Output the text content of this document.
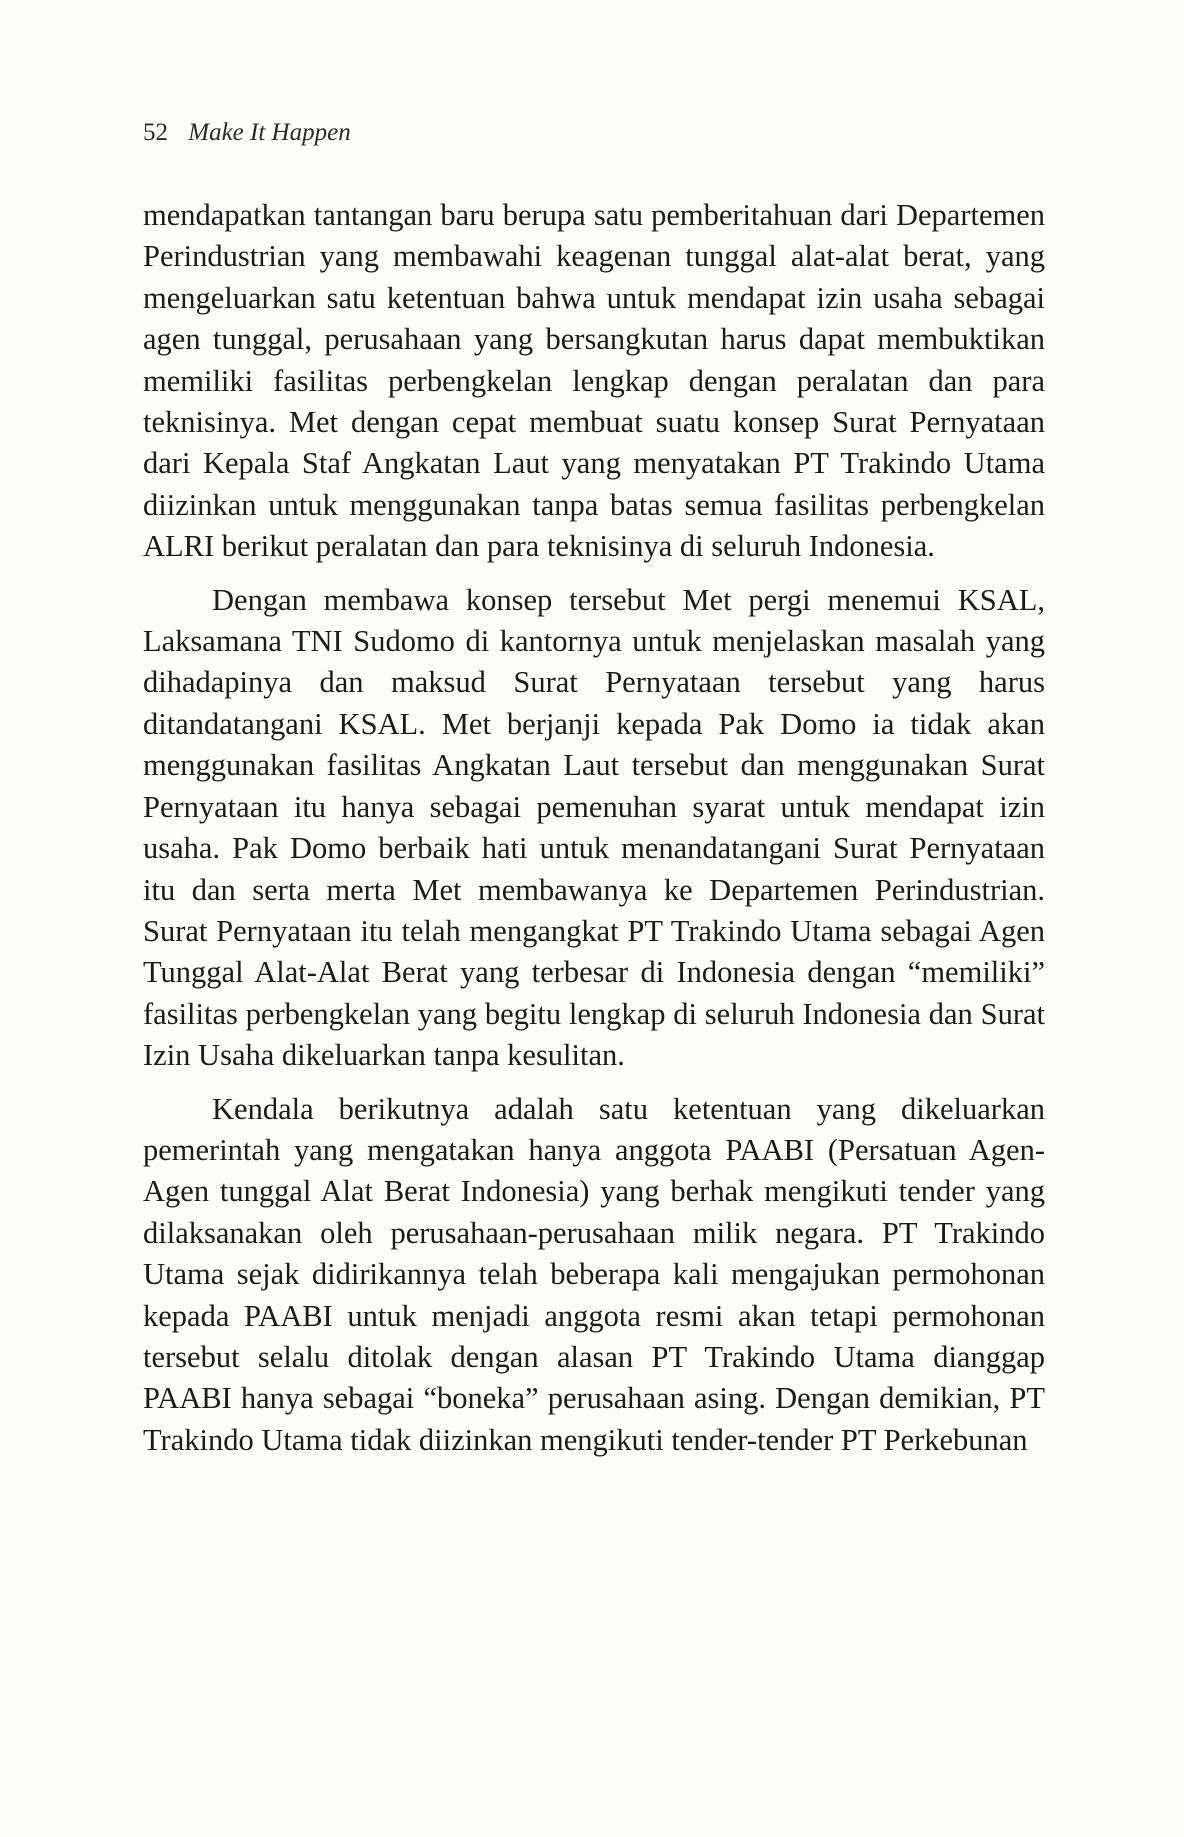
52 Make It Happen

mendapatkan tantangan baru berupa satu pemberitahuan dari Departemen Perindustrian yang membawahi keagenan tunggal alat-alat berat, yang mengeluarkan satu ketentuan bahwa untuk mendapat izin usaha sebagai agen tunggal, perusahaan yang bersangkutan harus dapat membuktikan memiliki fasilitas perbengkelan lengkap dengan peralatan dan para teknisinya. Met dengan cepat membuat suatu konsep Surat Pernyataan dari Kepala Staf Angkatan Laut yang menyatakan PT Trakindo Utama diizinkan untuk menggunakan tanpa batas semua fasilitas perbengkelan ALRI berikut peralatan dan para teknisinya di seluruh Indonesia.

Dengan membawa konsep tersebut Met pergi menemui KSAL, Laksamana TNI Sudomo di kantornya untuk menjelaskan masalah yang dihadapinya dan maksud Surat Pernyataan tersebut yang harus ditandatangani KSAL. Met berjanji kepada Pak Domo ia tidak akan menggunakan fasilitas Angkatan Laut tersebut dan menggunakan Surat Pernyataan itu hanya sebagai pemenuhan syarat untuk mendapat izin usaha. Pak Domo berbaik hati untuk menandatangani Surat Pernyataan itu dan serta merta Met membawanya ke Departemen Perindustrian. Surat Pernyataan itu telah mengangkat PT Trakindo Utama sebagai Agen Tunggal Alat-Alat Berat yang terbesar di Indonesia dengan “memiliki” fasilitas perbengkelan yang begitu lengkap di seluruh Indonesia dan Surat Izin Usaha dikeluarkan tanpa kesulitan.

Kendala berikutnya adalah satu ketentuan yang dikeluarkan pemerintah yang mengatakan hanya anggota PAABI (Persatuan Agen-Agen tunggal Alat Berat Indonesia) yang berhak mengikuti tender yang dilaksanakan oleh perusahaan-perusahaan milik negara. PT Trakindo Utama sejak didirikannya telah beberapa kali mengajukan permohonan kepada PAABI untuk menjadi anggota resmi akan tetapi permohonan tersebut selalu ditolak dengan alasan PT Trakindo Utama dianggap PAABI hanya sebagai “boneka” perusahaan asing. Dengan demikian, PT Trakindo Utama tidak diizinkan mengikuti tender-tender PT Perkebunan
